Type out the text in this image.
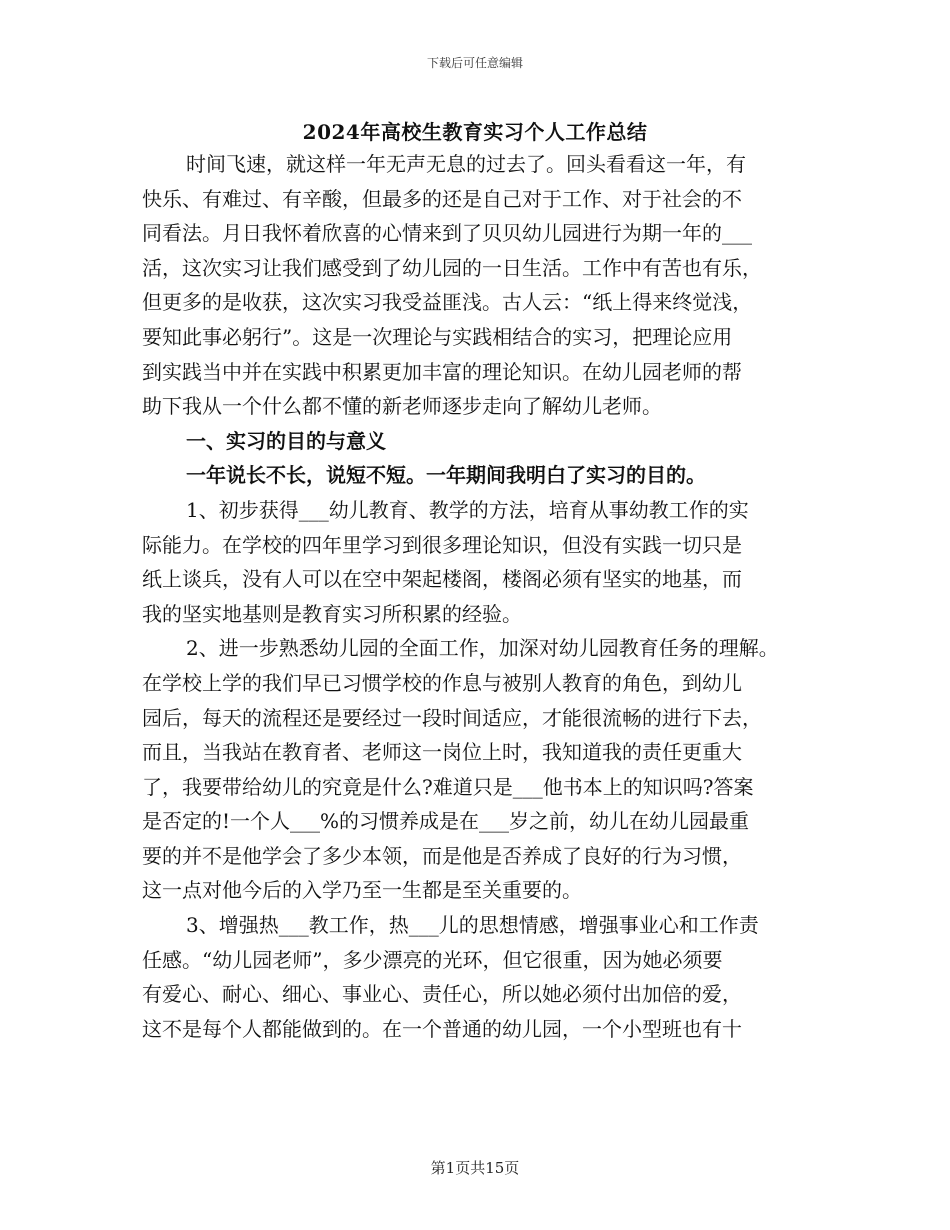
下载后可任意编辑
2024年高校生教育实习个人工作总结
时间飞速，就这样一年无声无息的过去了。回头看看这一年，有
快乐、有难过、有辛酸，但最多的还是自己对于工作、对于社会的不
同看法。月日我怀着欣喜的心情来到了贝贝幼儿园进行为期一年的___
活，这次实习让我们感受到了幼儿园的一日生活。工作中有苦也有乐，
但更多的是收获，这次实习我受益匪浅。古人云：“纸上得来终觉浅，
要知此事必躬行”。这是一次理论与实践相结合的实习，把理论应用
到实践当中并在实践中积累更加丰富的理论知识。在幼儿园老师的帮
助下我从一个什么都不懂的新老师逐步走向了解幼儿老师。
一、实习的目的与意义
一年说长不长，说短不短。一年期间我明白了实习的目的。
1、初步获得___幼儿教育、教学的方法，培育从事幼教工作的实
际能力。在学校的四年里学习到很多理论知识，但没有实践一切只是
纸上谈兵，没有人可以在空中架起楼阁，楼阁必须有坚实的地基，而
我的坚实地基则是教育实习所积累的经验。
2、进一步熟悉幼儿园的全面工作，加深对幼儿园教育任务的理解。
在学校上学的我们早已习惯学校的作息与被别人教育的角色，到幼儿
园后，每天的流程还是要经过一段时间适应，才能很流畅的进行下去，
而且，当我站在教育者、老师这一岗位上时，我知道我的责任更重大
了，我要带给幼儿的究竟是什么?难道只是___他书本上的知识吗?答案
是否定的!一个人___%的习惯养成是在___岁之前，幼儿在幼儿园最重
要的并不是他学会了多少本领，而是他是否养成了良好的行为习惯，
这一点对他今后的入学乃至一生都是至关重要的。
3、增强热___教工作，热___儿的思想情感，增强事业心和工作责
任感。“幼儿园老师”，多少漂亮的光环，但它很重，因为她必须要
有爱心、耐心、细心、事业心、责任心，所以她必须付出加倍的爱，
这不是每个人都能做到的。在一个普通的幼儿园，一个小型班也有十
第1页共15页
